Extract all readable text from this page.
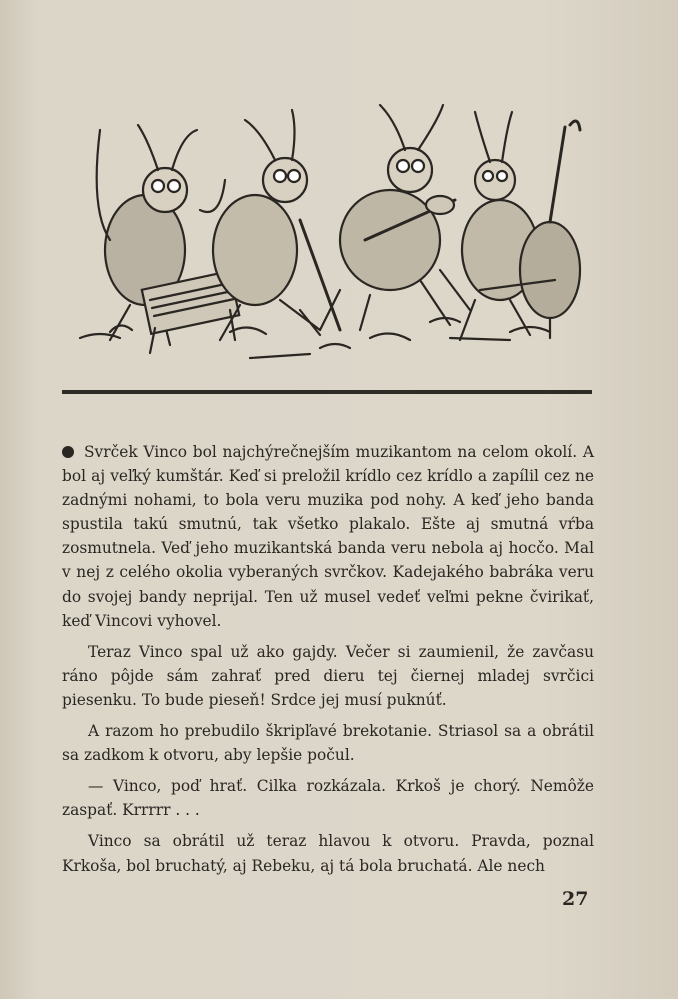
Svrček Vinco bol najchýrečnejším muzikantom na celom okolí. A bol aj veľký kumštár. Keď si preložil krídlo cez krídlo a zapílil cez ne zadnými nohami, to bola veru muzika pod nohy. A keď jeho banda spustila takú smutnú, tak všetko plakalo. Ešte aj smutná vŕba zosmutnela. Veď jeho muzikantská banda veru nebola aj hocčo. Mal v nej z celého okolia vyberaných svrčkov. Kadejakého babráka veru do svojej bandy neprijal. Ten už musel vedeť veľmi pekne čvirikať, keď Vincovi vyhovel.

Teraz Vinco spal už ako gajdy. Večer si zaumienil, že zavčasu ráno pôjde sám zahrať pred dieru tej čiernej mladej svrčici piesenku. To bude pieseň! Srdce jej musí puknúť.

A razom ho prebudilo škripľavé brekotanie. Striasol sa a obrátil sa zadkom k otvoru, aby lepšie počul.

— Vinco, poď hrať. Cilka rozkázala. Krkoš je chorý. Nemôže zaspať. Krrrrr . . .

Vinco sa obrátil už teraz hlavou k otvoru. Pravda, poznal Krkoša, bol bruchatý, aj Rebeku, aj tá bola bruchatá. Ale nech

27
